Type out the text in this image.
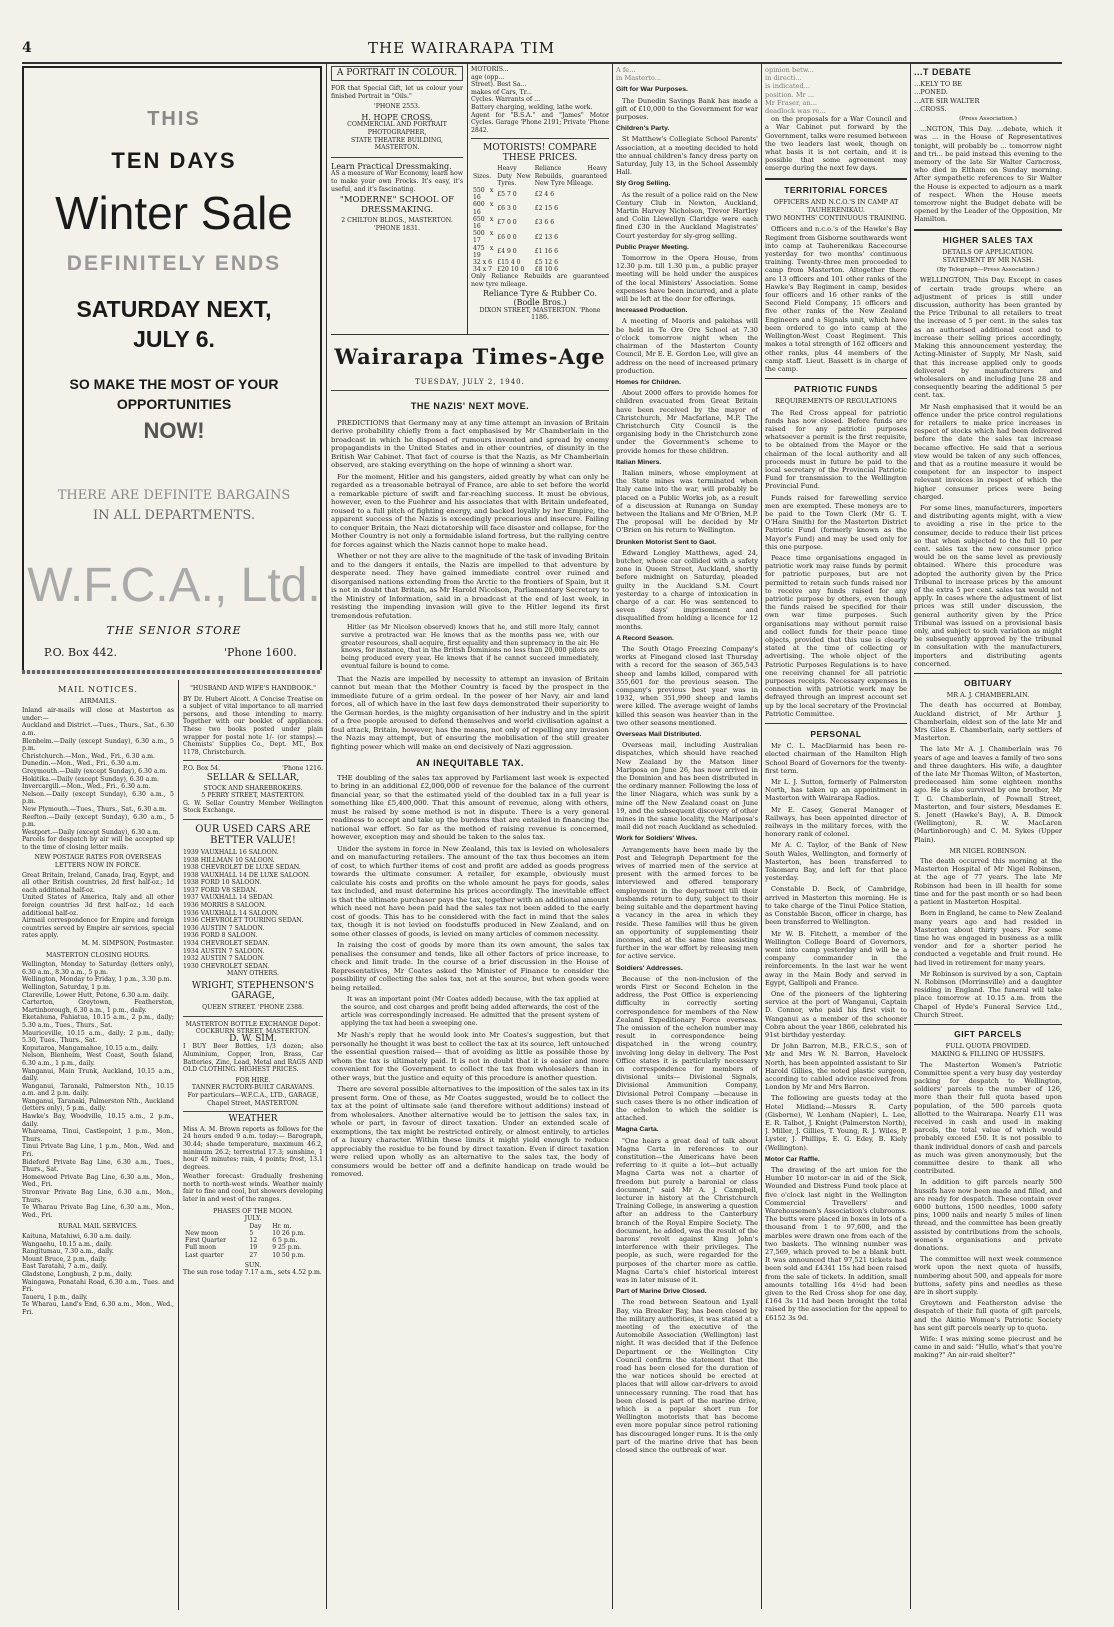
4	THE WAIRARAPA TIM
THIS
TEN DAYS
Winter Sale
DEFINITELY ENDS
SATURDAY NEXT,
JULY 6.
SO MAKE THE MOST OF YOUR
OPPORTUNITIES
NOW!
THERE ARE DEFINITE BARGAINS
IN ALL DEPARTMENTS.
W.F.C.A., Ltd.
THE SENIOR STORE
P.O. Box 442.	'Phone 1600.
MAIL NOTICES.
AIRMAILS.
Inland air-mails will close at Masterton as under:—
Auckland and District.—Tues., Thurs., Sat., 6.30 a.m.
Blenheim.—Daily (except Sunday), 6.30 a.m., 5 p.m.
Christchurch.—Mon., Wed., Fri., 6.30 a.m.
Dunedin.—Mon., Wed., Fri., 6.30 a.m.
Greymouth.—Daily (except Sunday), 6.30 a.m.
Hokitika.—Daily (except Sunday), 6.30 a.m.
Invercargill.—Mon., Wed., Fri., 6.30 a.m.
Nelson.—Daily (except Sunday), 6.30 a.m., 5 p.m.
New Plymouth.—Tues., Thurs., Sat., 6.30 a.m.
Reefton.—Daily (except Sunday), 6.30 a.m., 5 p.m.
Westport.—Daily (except Sunday), 6.30 a.m.
Parcels for despatch by air will be accepted up to the time of closing letter mails.
NEW POSTAGE RATES FOR OVERSEAS LETTERS NOW IN FORCE.
Great Britain, Ireland, Canada, Iraq, Egypt, and all other British countries, 2d first half-oz.; 1d each additional half-oz.
United States of America, Italy and all other foreign countries 3d first half-oz.; 1d each additional half-oz.
Airmail correspondence for Empire and foreign countries served by Empire air services, special rates apply.
M. M. SIMPSON, Postmaster.
MASTERTON CLOSING HOURS.
Wellington, Monday to Saturday (letters only), 6.30 a.m., 8.30 a.m., 5 p.m.
Wellington, Monday to Friday, 1 p.m., 3.30 p.m.
Wellington, Saturday, 1 p.m.
Clareville, Lower Hutt, Petone, 6.30 a.m. daily.
Carterton, Greytown, Featherston, Martinborough, 6.30 a.m., 1 p.m., daily.
Eketahuna, Pahiatua, 10.15 a.m., 2 p.m., daily; 5.30 a.m., Tues., Thurs., Sat.
Mauriceville, 10.15 a.m., daily; 2 p.m., daily; 5.30, Tues., Thurs., Sat.
Koputaroa, Mangamahoe, 10.15 a.m., daily.
Nelson, Blenheim, West Coast, South Island, 6.30 a.m., 1 p.m., daily.
Wanganui, Main Trunk, Auckland, 10.15 a.m., daily.
Wanganui, Taranaki, Palmerston Nth., 10.15 a.m. and 2 p.m. daily.
Wanganui, Taranaki, Palmerston Nth., Auckland (letters only), 5 p.m., daily.
Hawke's Bay, Woodville, 10.15 a.m., 2 p.m., daily.
Whareama, Tinui, Castlepoint, 1 p.m., Mon., Thurs.
Tinui Private Bag Line, 1 p.m., Mon., Wed. and Fri.
Bideford Private Bag Line, 6.30 a.m., Tues., Thurs., Sat.
Homewood Private Bag Line, 6.30 a.m., Mon., Wed., Fri.
Stronvar Private Bag Line, 6.30 a.m., Mon., Thurs.
Te Wharau Private Bag Line, 6.30 a.m., Mon., Wed., Fri.
RURAL MAIL SERVICES.
Kaituna, Matahiwi, 6.30 a.m. daily.
Wangaehu, 10.15 a.m., daily.
Rangitumau, 7.30 a.m., daily.
Mount Bruce, 2 p.m., daily.
East Taratahi, 7 a.m., daily.
Gladstone, Longbush, 2 p.m., daily.
Waingawa, Ponatahi Road, 6.30 a.m., Tues. and Fri.
Taueru, 1 p.m., daily.
Te Wharau, Land's End, 6.30 a.m., Mon., Wed., Fri.
"HUSBAND AND WIFE'S HANDBOOK."
BY Dr. Hubert Alcott. A Concise Treatise on a subject of vital importance to all married persons, and those intending to marry. Together with our booklet of appliances. These two books posted under plain wrapper for postal note 1/- (or stamps).—Chemists' Supplies Co., Dept. MT., Box 1178, Christchurch.
P.O. Box 54.	'Phone 1216.
SELLAR & SELLAR,
STOCK AND SHAREBROKERS.
5 PERRY STREET, MASTERTON.
G. W. Sellar Country Member Wellington Stock Exchange.
OUR USED CARS ARE BETTER VALUE!
1939 VAUXHALL 16 SALOON.
1938 HILLMAN 10 SALOON.
1938 CHEVROLET DE LUXE SEDAN.
1938 VAUXHALL 14 DE LUXE SALOON.
1938 FORD 10 SALOON.
1937 FORD V8 SEDAN.
1937 VAUXHALL 14 SEDAN.
1936 MORRIS 8 SALOON.
1936 VAUXHALL 14 SALOON.
1936 CHEVROLET TOURING SEDAN.
1936 AUSTIN 7 SALOON.
1936 FORD 8 SALOON.
1934 CHEVROLET SEDAN.
1934 AUSTIN 7 SALOON.
1932 AUSTIN 7 SALOON.
1930 CHEVROLET SEDAN.
MANY OTHERS.
WRIGHT, STEPHENSON'S GARAGE,
QUEEN STREET. 'PHONE 2388.
MASTERTON BOTTLE EXCHANGE Depot:
COCKBURN STREET, MASTERTON.
D. W. SIM.
I BUY Beer Bottles, 1/3 dozen; also Aluminium, Copper, Iron, Brass, Car Batteries, Zinc, Lead, Metal and RAGS AND OLD CLOTHING. HIGHEST PRICES.
FOR HIRE.
TANNER FACTORY-BUILT CARAVANS.
For particulars—W.F.C.A., LTD., GARAGE, Chapel Street, MASTERTON.
WEATHER
Miss A. M. Brown reports as follows for the 24 hours ended 9 a.m. today:— Barograph, 30.44; shade temperature, maximum 46.2, minimum 26.2; terrestrial 17.3; sunshine, 1 hour 45 minutes; rain, 4 points; frost, 13.1 degrees.
Weather forecast: Gradually freshening north to north-west winds. Weather mainly fair to fine and cool, but showers developing later in and west of the ranges.
PHASES OF THE MOON.
JULY.
	Day	Hr. m.
New moon	5	10 26 p.m.
First Quarter	12	6 5 p.m.
Full moon	19	9 25 p.m.
Last quarter	27	10 50 p.m.
SUN.
The sun rose today 7.17 a.m., sets 4.52 p.m.
A PORTRAIT IN COLOUR.
FOR that Special Gift, let us colour your finished Portrait in "Oils."
'PHONE 2553.
H. HOPE CROSS,
COMMERCIAL AND PORTRAIT PHOTOGRAPHER,
STATE THEATRE BUILDING,
MASTERTON.
Learn Practical Dressmaking.
AS a measure of War Economy, learn how to make your own Frocks. It's easy, it's useful, and it's fascinating.
"MODERNE" SCHOOL OF DRESSMAKING.
2 CHILTON BLDGS., MASTERTON. 'PHONE 1831.
MOTORIS...
age (opp...
Street). Best Sa...
makes of Cars, Tr...
Cycles. Warrants of ...
Battery charging, welding, lathe work.
Agent for "B.S.A." and "James" Motor Cycles. Garage 'Phone 2191; Private 'Phone 2842.
MOTORISTS! COMPARE THESE PRICES.
Sizes.	Heavy Duty New Tyres.	Reliance Heavy Rebuilds, guaranteed New Tyre Mileage.
550 x 16	£5 7 0	£2 4 6
600 x 16	£6 3 0	£2 15 6
650 x 16	£7 0 0	£3 6 6
500 x 17	£6 0 0	£2 13 6
475 x 19	£4 9 0	£1 16 6
32 x 6	£15 4 0	£5 12 6
34 x 7	£20 10 0	£8 10 6
Only Reliance Rebuilds are guaranteed new tyre mileage.
Reliance Tyre & Rubber Co. (Bodle Bros.)
DIXON STREET, MASTERTON. 'Phone 1186.
Wairarapa Times-Age
TUESDAY, JULY 2, 1940.
THE NAZIS' NEXT MOVE.

PREDICTIONS that Germany may at any time attempt an invasion of Britain derive probability chiefly from a fact emphasised by Mr Chamberlain in the broadcast in which he disposed of rumours invented and spread by enemy propagandists in the United States and in other countries, of disunity in the British War Cabinet. That fact of course is that the Nazis, as Mr Chamberlain observed, are staking everything on the hope of winning a short war.

For the moment, Hitler and his gangsters, aided greatly by what can only be regarded as a treasonable betrayal of France, are able to set before the world a remarkable picture of swift and far-reaching success. It must be obvious, however, even to the Fuehrer and his associates that with Britain undefeated, roused to a full pitch of fighting energy, and backed loyally by her Empire, the apparent success of the Nazis is exceedingly precarious and insecure. Failing to conquer Britain, the Nazi dictatorship will face disaster and collapse, for the Mother Country is not only a formidable island fortress, but the rallying centre for forces against which the Nazis cannot hope to make head.

Whether or not they are alive to the magnitude of the task of invading Britain and to the dangers it entails, the Nazis are impelled to that adventure by desperate need. They have gained immediate control over ruined and disorganised nations extending from the Arctic to the frontiers of Spain, but it is not in doubt that Britain, as Mr Harold Nicolson, Parliamentary Secretary to the Ministry of Information, said in a broadcast at the end of last week, in resisting the impending invasion will give to the Hitler legend its first tremendous refutation.

Hitler (as Mr Nicolson observed) knows that he, and still more Italy, cannot survive a protracted war. He knows that as the months pass we, with our greater resources, shall acquire, first equality and then supremacy in the air. He knows, for instance, that in the British Dominions no less than 20,000 pilots are being produced every year. He knows that if he cannot succeed immediately, eventual failure is bound to come.

That the Nazis are impelled by necessity to attempt an invasion of Britain cannot but mean that the Mother Country is faced by the prospect in the immediate future of a grim ordeal. In the power of her Navy, air and land forces, all of which have in the last few days demonstrated their superiority to the German hordes, is the mighty organisation of her industry and in the spirit of a free people aroused to defend themselves and world civilisation against a foul attack, Britain, however, has the means, not only of repelling any invasion the Nazis may attempt, but of ensuring the mobilisation of the still greater fighting power which will make an end decisively of Nazi aggression.

AN INEQUITABLE TAX.

THE doubling of the sales tax approved by Parliament last week is expected to bring in an additional £2,000,000 of revenue for the balance of the current financial year, so that the estimated yield of the doubled tax in a full year is something like £5,400,000. That this amount of revenue, along with others, must be raised by some method is not in dispute. There is a very general readiness to accept and take up the burdens that are entailed in financing the national war effort. So far as the method of raising revenue is concerned, however, exception may and should be taken to the sales tax.

Under the system in force in New Zealand, this tax is levied on wholesalers and on manufacturing retailers. The amount of the tax thus becomes an item of cost, to which further items of cost and profit are added as goods progress towards the ultimate consumer. A retailer, for example, obviously must calculate his costs and profits on the whole amount he pays for goods, sales tax included, and must determine his prices accordingly. The inevitable effect is that the ultimate purchaser pays the tax, together with an additional amount which need not have been paid had the sales tax not been added to the early cost of goods. This has to be considered with the fact in mind that the sales tax, though it is not levied on foodstuffs produced in New Zealand, and on some other classes of goods, is levied on many articles of common necessity.

In raising the cost of goods by more than its own amount, the sales tax penalises the consumer and tends, like all other factors of price increase, to check and limit trade. In the course of a brief discussion in the House of Representatives, Mr Coates asked the Minister of Finance to consider the possibility of collecting the sales tax, not at the source, but when goods were being retailed.

It was an important point (Mr Coates added) because, with the tax applied at the source, and cost charges and profit being added afterwards, the cost of the article was correspondingly increased. He admitted that the present system of applying the tax had been a sweeping one.

Mr Nash's reply that he would look into Mr Coates's suggestion, but that personally he thought it was best to collect the tax at its source, left untouched the essential question raised— that of avoiding as little as possible those by whom the tax is ultimately paid. It is not in doubt that it is easier and more convenient for the Government to collect the tax from wholesalers than in other ways, but the justice and equity of this procedure is another question.

There are several possible alternatives to the imposition of the sales tax in its present form. One of these, as Mr Coates suggested, would be to collect the tax at the point of ultimate sale (and therefore without additions) instead of from wholesalers. Another alternative would be to jettison the sales tax, in whole or part, in favour of direct taxation. Under an extended scale of exemptions, the tax might be restricted entirely, or almost entirely, to articles of a luxury character. Within these limits it might yield enough to reduce appreciably the residue to be found by direct taxation. Even if direct taxation were relied upon wholly as an alternative to the sales tax, the body of consumers would be better off and a definite handicap on trade would be removed.

A fe...
in Masterto...
Gift for War Purposes.

The Dunedin Savings Bank has made a gift of £10,000 to the Government for war purposes.

Children's Party.

St Matthew's Collegiate School Parents' Association, at a meeting decided to hold the annual children's fancy dress party on Saturday, July 13, in the School Assembly Hall.

Sly Grog Selling.

As the result of a police raid on the New Century Club in Newton, Auckland, Martin Harvey Nicholson, Trevor Hartley and Colin Llewellyn Claridge were each fined £30 in the Auckland Magistrates' Court yesterday for sly-grog selling.

Public Prayer Meeting.

Tomorrow in the Opera House, from 12.30 p.m. till 1.30 p.m., a public prayer meeting will be held under the auspices of the local Ministers' Association. Some expenses have been incurred, and a plate will be left at the door for offerings.

Increased Production.

A meeting of Maoris and pakehas will be held in Te Ore Ore School at 7.30 o'clock tomorrow night when the chairman of the Masterton County Council, Mr E. E. Gordon Lee, will give an address on the need of increased primary production.

Homes for Children.

About 2000 offers to provide homes for children evacuated from Great Britain have been received by the mayor of Christchurch, Mr Macfarlane, M.P. The Christchurch City Council is the organising body in the Christchurch zone under the Government's scheme to provide homes for these children.

Italian Miners.

Italian miners, whose employment at the State mines was terminated when Italy came into the war, will probably be placed on a Public Works job, as a result of a discussion at Runanga on Sunday between the Italians and Mr O'Brien, M.P. The proposal will be decided by Mr O'Brien on his return to Wellington.

Drunken Motorist Sent to Gaol.

Edward Longley Matthews, aged 24, butcher, whose car collided with a safety zone in Queen Street, Auckland, shortly before midnight on Saturday, pleaded guilty in the Auckland S.M. Court yesterday to a charge of intoxication in charge of a car. He was sentenced to seven days' imprisonment and disqualified from holding a licence for 12 months.

A Record Season.

The South Otago Freezing Company's works at Finegand closed last Thursday with a record for the season of 365,543 sheep and lambs killed, compared with 355,601 for the previous season. The company's previous best year was in 1932, when 351,990 sheep and lambs were killed. The average weight of lambs killed this season was heavier than in the two other seasons mentioned.

Overseas Mail Distributed.

Overseas mail, including Australian dispatches, which should have reached New Zealand by the Matson liner Mariposa on June 26, has now arrived in the Dominion and has been distributed in the ordinary manner. Following the loss of the liner Niagara, which was sunk by a mine off the New Zealand coast on June 19, and the subsequent discovery of other mines in the same locality, the Mariposa's mail did not reach Auckland as scheduled.

Work for Soldiers' Wives.

Arrangements have been made by the Post and Telegraph Department for the wives of married men of the service at present with the armed forces to be interviewed and offered temporary employment in the department till their husbands return to duty, subject to their being suitable and the department having a vacancy in the area in which they reside. These families will thus be given an opportunity of supplementing their incomes, and at the same time assisting further in the war effort by releasing men for active service.

Soldiers' Addresses.

Because of the non-inclusion of the words First or Second Echelon in the address, the Post Office is experiencing difficulty in correctly sorting correspondence for members of the New Zealand Expeditionary Force overseas. The omission of the echelon number may result in correspondence being dispatched in the wrong country, involving long delay in delivery. The Post Office states it is particularly necessary on correspondence for members of divisional units— Divisional Signals, Divisional Ammunition Company, Divisional Petrol Company —because in such cases there is no other indication of the echelon to which the soldier is attached.

Magna Carta.

"One hears a great deal of talk about Magna Carta in references to our constitution—the Americans have been referring to it quite a lot—but actually Magna Carta was not a charter of freedom but purely a baronial or class document," said Mr A. J. Campbell, lecturer in history at the Christchurch Training College, in answering a question after an address to the Canterbury branch of the Royal Empire Society. The document, he added, was the result of the barons' revolt against King John's interference with their privileges. The people, as such, were regarded for the purposes of the charter more as cattle. Magna Carta's chief historical interest was in later misuse of it.

Part of Marine Drive Closed.

The road between Seatoun and Lyall Bay, via Breaker Bay, has been closed by the military authorities, it was stated at a meeting of the executive of the Automobile Association (Wellington) last night. It was decided that if the Defence Department or the Wellington City Council confirm the statement that the road has been closed for the duration of the war notices should be erected at places that will allow car-drivers to avoid unnecessary running. The road that has been closed is part of the marine drive, which is a popular short run for Wellington motorists that has become even more popular since petrol rationing has discouraged longer runs. It is the only part of the marine drive that has been closed since the outbreak of war.

opinion betw...
in directi...
is indicated...
position. Mr ...
Mr Fraser, an...
deadlock was re...

on the proposals for a War Council and a War Cabinet put forward by the Government, talks were resumed between the two leaders last week, though on what basis it is not certain, and it is possible that some agreement may emerge during the next few days.

TERRITORIAL FORCES
OFFICERS AND N.C.O.'S IN CAMP AT TAUHERENIKAU.
TWO MONTHS' CONTINUOUS TRAINING.

Officers and n.c.o.'s of the Hawke's Bay Regiment from Gisborne southwards went into camp at Tauherenikau Racecourse yesterday for two months' continuous training. Twenty-three men proceeded to camp from Masterton. Altogether there are 13 officers and 101 other ranks of the Hawke's Bay Regiment in camp, besides four officers and 16 other ranks of the Second Field Company, 15 officers and five other ranks of the New Zealand Engineers and a Signals unit, which have been ordered to go into camp at the Wellington-West Coast Regiment. This makes a total strength of 162 officers and other ranks, plus 44 members of the camp staff. Lieut. Bassett is in charge of the camp.

PATRIOTIC FUNDS
REQUIREMENTS OF REGULATIONS

The Red Cross appeal for patriotic funds has now closed. Before funds are raised for any patriotic purposes whatsoever a permit is the first requisite, to be obtained from the Mayor or the chairman of the local authority and all proceeds must in future be paid to the local secretary of the Provincial Patriotic Fund for transmission to the Wellington Provincial Fund.

Funds raised for farewelling service men are exempted. These moneys are to be paid to the Town Clerk (Mr G. T. O'Hara Smith) for the Masterton District Patriotic Fund (formerly known as the Mayor's Fund) and may be used only for this one purpose.

Peace time organisations engaged in patriotic work may raise funds by permit for patriotic purposes, but are not permitted to retain such funds raised nor to receive any funds raised for any patriotic purpose by others, even though the funds raised be specified for their own war time purposes. Such organisations may without permit raise and collect funds for their peace time objects, provided that this use is clearly stated at the time of collecting or advertising. The whole object of the Patriotic Purposes Regulations is to have one receiving channel for all patriotic purposes receipts. Necessary expenses in connection with patriotic work may be defrayed through an imprest account set up by the local secretary of the Provincial Patriotic Committee.

PERSONAL

Mr C. L. MacDiarmid has been re-elected chairman of the Hamilton High School Board of Governors for the twenty-first term.

Mr L. J. Sutton, formerly of Palmerston North, has taken up an appointment in Masterton with Wairarapa Radios.

Mr E. Casey, General Manager of Railways, has been appointed director of railways in the military forces, with the honorary rank of colonel.

Mr A. C. Taylor, of the Bank of New South Wales, Wellington, and formerly of Masterton, has been transferred to Tokomaru Bay, and left for that place yesterday.

Constable D. Beck, of Cambridge, arrived in Masterton this morning. He is to take charge of the Tinui Police Station, as Constable Bacon, officer in charge, has been transferred to Wellington.

Mr W. B. Fitchett, a member of the Wellington College Board of Governors, went into camp yesterday and will be a company commander in the reinforcements. In the last war he went away in the Main Body and served in Egypt, Gallipoli and France.

One of the pioneers of the lightering service at the port of Wanganui, Captain D. Connor, who paid his first visit to Wanganui as a member of the schooner Cobra about the year 1866, celebrated his 91st birthday yesterday.

Dr John Barron, M.B., F.R.C.S., son of Mr and Mrs W. N. Barron, Havelock North, has been appointed assistant to Sir Harold Gillies, the noted plastic surgeon, according to cabled advice received from London by Mr and Mrs Barron.

The following are guests today at the Hotel Midland:—Messrs R. Carty (Gisborne), W. Lenham (Napier), L. Lee, E. R. Talbot, J. Knight (Palmerston North), J. Miller, J. Gillies, T. Young, R. J. Wiles, P. Lyster, J. Phillips, E. G. Edey, B. Kiely (Wellington).

Motor Car Raffle.

The drawing of the art union for the Humber 10 motor-car in aid of the Sick, Wounded and Distress Fund took place at five o'clock last night in the Wellington Commercial Travellers' and Warehousemen's Association's clubrooms. The butts were placed in boxes in lots of a thousand from 1 to 97,600, and the marbles were drawn one from each of the two baskets. The winning number was 27,569, which proved to be a blank butt. It was announced that 97,521 tickets had been sold and £4341 15s had been raised from the sale of tickets. In addition, small amounts totalling 16s 4½d had been given to the Red Cross shop for one day, £164 3s 11d had been brought the total raised by the association for the appeal to £6152 3s 9d.

...T DEBATE
...KELY TO BE
...PONED.
...ATE SIR WALTER
...CROSS.
(Press Association.)

...NGTON, This Day. ...debate, which it was ... in the House of Representatives tonight, will probably be ... tomorrow night and tri... be paid instead this evening to the memory of the late Sir Walter Carncross, who died in Eltham on Sunday morning. After sympathetic references to Sir Walter the House is expected to adjourn as a mark of respect. When the House meets tomorrow night the Budget debate will be opened by the Leader of the Opposition, Mr Hamilton.

HIGHER SALES TAX
DETAILS OF APPLICATION.
STATEMENT BY MR NASH.
(By Telegraph—Press Association.)

WELLINGTON, This Day. Except in cases of certain trade groups where an adjustment of prices is still under discussion, authority has been granted by the Price Tribunal to all retailers to treat the increase of 5 per cent. in the sales tax as an authorised additional cost and to increase their selling prices accordingly, Making this announcement yesterday, the Acting-Minister of Supply, Mr Nash, said that this increase applied only to goods delivered by manufacturers and wholesalers on and including June 28 and consequently bearing the additional 5 per cent. tax.

Mr Nash emphasised that it would be an offence under the price control regulations for retailers to make price increases in respect of stocks which had been delivered before the date the sales tax increase became effective. He said that a serious view would be taken of any such offences, and that as a routine measure it would be competent for an inspector to inspect relevant invoices in respect of which the higher consumer prices were being charged.

For some lines, manufacturers, importers and distributing agents might, with a view to avoiding a rise in the price to the consumer, decide to reduce their list prices so that when subjected to the full 10 per cent. sales tax the new consumer price would be on the same level as previously obtained. Where this procedure was adopted the authority given by the Price Tribunal to increase prices by the amount of the extra 5 per cent. sales tax would not apply. In cases where the adjustment of list prices was still under discussion, the general authority given by the Price Tribunal was issued on a provisional basis only, and subject to such variation as might be subsequently approved by the tribunal in consultation with the manufacturers, importers and distributing agents concerned.

OBITUARY
MR A. J. CHAMBERLAIN.

The death has occurred at Bombay, Auckland district, of Mr Arthur J. Chamberlain, eldest son of the late Mr and Mrs Giles E. Chamberlain, early settlers of Masterton.

The late Mr A. J. Chamberlain was 76 years of age and leaves a family of two sons and three daughters. His wife, a daughter of the late Mr Thomas Wilton, of Masterton, predeceased him some eighteen months ago. He is also survived by one brother, Mr T. G. Chamberlain, of Pownall Street, Masterton, and four sisters, Mesdames E. S. Jenett (Hawke's Bay), A. B. Dimock (Wellington), R. W. MacLaren (Martinborough) and C. M. Sykes (Upper Plain).

MR NIGEL ROBINSON.

The death occurred this morning at the Masterton Hospital of Mr Nigel Robinson, at the age of 77 years. The late Mr Robinson had been in ill health for some time and for the past month or so had been a patient in Masterton Hospital.

Born in England, he came to New Zealand many years ago and had resided in Masterton about thirty years. For some time he was engaged in business as a milk vendor and for a shorter period he conducted a vegetable and fruit round. He had lived in retirement for many years.

Mr Robinson is survived by a son, Captain N. Robinson (Morrinsville) and a daughter residing in England. The funeral will take place tomorrow at 10.15 a.m. from the Chapel of Hyde's Funeral Service Ltd., Church Street.

GIFT PARCELS
FULL QUOTA PROVIDED.
MAKING & FILLING OF HUSSIFS.

The Masterton Women's Patriotic Committee spent a very busy day yesterday packing for despatch to Wellington, soldiers' parcels to the number of 126, more than their full quota based upon population, of the 500 parcels quota allotted to the Wairarapa. Nearly £11 was received in cash and used in making parcels, the total value of which would probably exceed £50. It is not possible to thank individual donors of cash and parcels as much was given anonymously, but the committee desire to thank all who contributed.

In addition to gift parcels nearly 500 hussifs have now been made and filled, and are ready for despatch. These contain over 6000 buttons, 1500 needles, 1000 safety pins, 1000 nails and nearly 5 miles of linen thread, and the committee has been greatly assisted by contributions from the schools, women's organisations and private donations.

The committee will next week commence work upon the next quota of hussifs, numbering about 500, and appeals for more buttons, safety pins and needles as these are in short supply.

Greytown and Featherston advise the despatch of their full quota of gift parcels, and the Akitio Women's Patriotic Society has sent gift parcels nearly up to quota.

Wife: I was mixing some piecrust and he came in and said: "Hullo, what's that you're making?" An air-raid shelter?"
